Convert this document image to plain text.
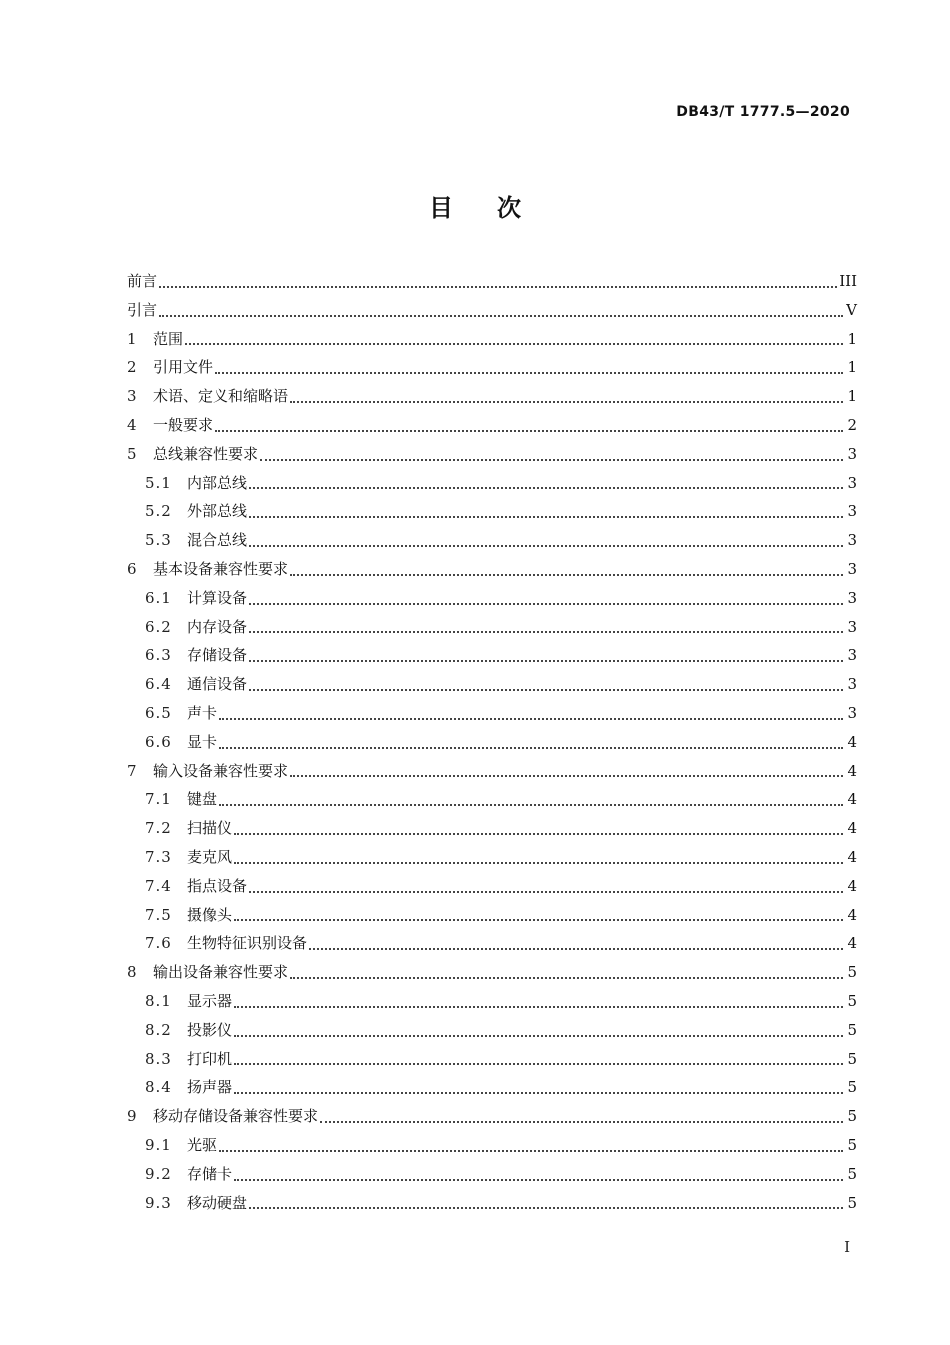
DB43/T 1777.5—2020
目次
前言	III
引言	V
1	范围	1
2	引用文件	1
3	术语、定义和缩略语	1
4	一般要求	2
5	总线兼容性要求	3
5.1	内部总线	3
5.2	外部总线	3
5.3	混合总线	3
6	基本设备兼容性要求	3
6.1	计算设备	3
6.2	内存设备	3
6.3	存储设备	3
6.4	通信设备	3
6.5	声卡	3
6.6	显卡	4
7	输入设备兼容性要求	4
7.1	键盘	4
7.2	扫描仪	4
7.3	麦克风	4
7.4	指点设备	4
7.5	摄像头	4
7.6	生物特征识别设备	4
8	输出设备兼容性要求	5
8.1	显示器	5
8.2	投影仪	5
8.3	打印机	5
8.4	扬声器	5
9	移动存储设备兼容性要求	5
9.1	光驱	5
9.2	存储卡	5
9.3	移动硬盘	5
I
